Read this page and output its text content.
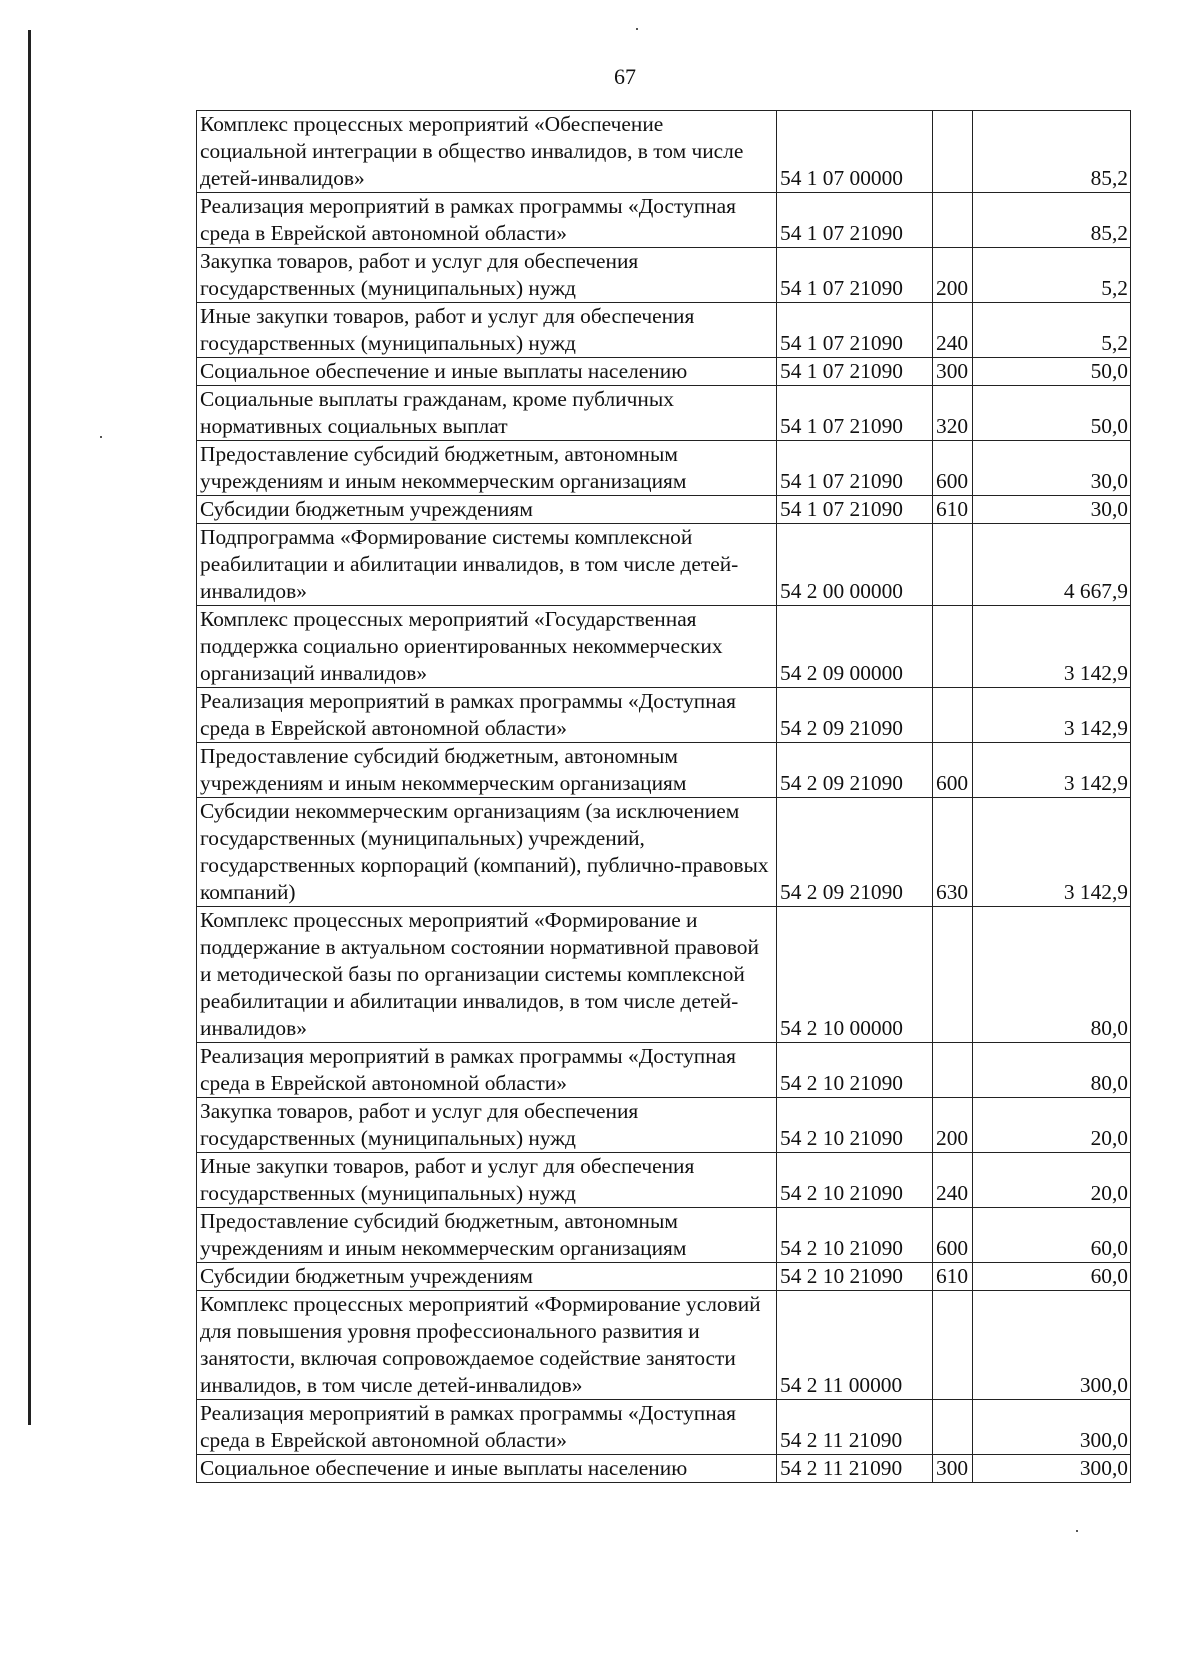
67
Комплекс процессных мероприятий «Обеспечение социальной интеграции в общество инвалидов, в том числе детей-инвалидов»	54 1 07 00000		85,2
Реализация мероприятий в рамках программы «Доступная среда в Еврейской автономной области»	54 1 07 21090		85,2
Закупка товаров, работ и услуг для обеспечения государственных (муниципальных) нужд	54 1 07 21090	200	5,2
Иные закупки товаров, работ и услуг для обеспечения государственных (муниципальных) нужд	54 1 07 21090	240	5,2
Социальное обеспечение и иные выплаты населению	54 1 07 21090	300	50,0
Социальные выплаты гражданам, кроме публичных нормативных социальных выплат	54 1 07 21090	320	50,0
Предоставление субсидий бюджетным, автономным учреждениям и иным некоммерческим организациям	54 1 07 21090	600	30,0
Субсидии бюджетным учреждениям	54 1 07 21090	610	30,0
Подпрограмма «Формирование системы комплексной реабилитации и абилитации инвалидов, в том числе детей-инвалидов»	54 2 00 00000		4 667,9
Комплекс процессных мероприятий «Государственная поддержка социально ориентированных некоммерческих организаций инвалидов»	54 2 09 00000		3 142,9
Реализация мероприятий в рамках программы «Доступная среда в Еврейской автономной области»	54 2 09 21090		3 142,9
Предоставление субсидий бюджетным, автономным учреждениям и иным некоммерческим организациям	54 2 09 21090	600	3 142,9
Субсидии некоммерческим организациям (за исключением государственных (муниципальных) учреждений, государственных корпораций (компаний), публично-правовых компаний)	54 2 09 21090	630	3 142,9
Комплекс процессных мероприятий «Формирование и поддержание в актуальном состоянии нормативной правовой и методической базы по организации системы комплексной реабилитации и абилитации инвалидов, в том числе детей-инвалидов»	54 2 10 00000		80,0
Реализация мероприятий в рамках программы «Доступная среда в Еврейской автономной области»	54 2 10 21090		80,0
Закупка товаров, работ и услуг для обеспечения государственных (муниципальных) нужд	54 2 10 21090	200	20,0
Иные закупки товаров, работ и услуг для обеспечения государственных (муниципальных) нужд	54 2 10 21090	240	20,0
Предоставление субсидий бюджетным, автономным учреждениям и иным некоммерческим организациям	54 2 10 21090	600	60,0
Субсидии бюджетным учреждениям	54 2 10 21090	610	60,0
Комплекс процессных мероприятий «Формирование условий для повышения уровня профессионального развития и занятости, включая сопровождаемое содействие занятости инвалидов, в том числе детей-инвалидов»	54 2 11 00000		300,0
Реализация мероприятий в рамках программы «Доступная среда в Еврейской автономной области»	54 2 11 21090		300,0
Социальное обеспечение и иные выплаты населению	54 2 11 21090	300	300,0
